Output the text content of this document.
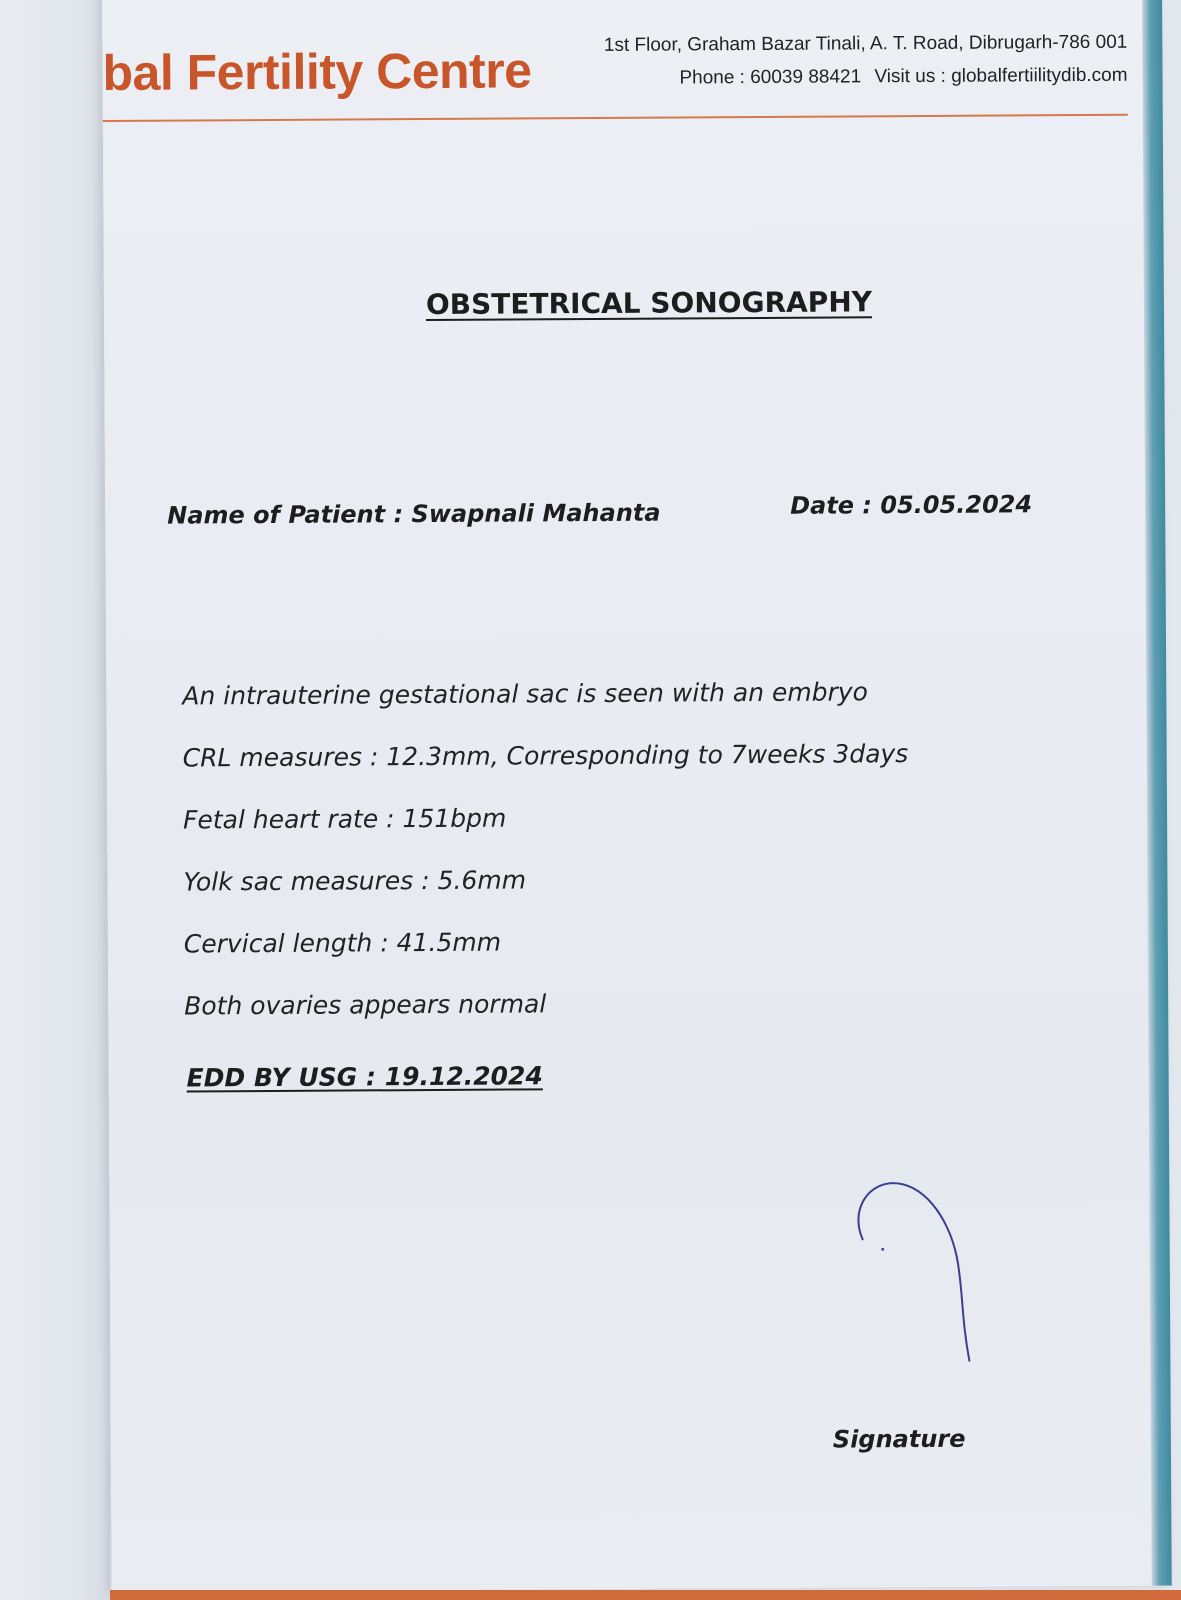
bal Fertility Centre	1st Floor, Graham Bazar Tinali, A. T. Road, Dibrugarh-786 001
Phone : 60039 88421 Visit us : globalfertiilitydib.com
OBSTETRICAL SONOGRAPHY
Name of Patient : Swapnali Mahanta	Date : 05.05.2024
An intrauterine gestational sac is seen with an embryo
CRL measures : 12.3mm, Corresponding to 7weeks 3days
Fetal heart rate : 151bpm
Yolk sac measures : 5.6mm
Cervical length : 41.5mm
Both ovaries appears normal
EDD BY USG : 19.12.2024
Signature
